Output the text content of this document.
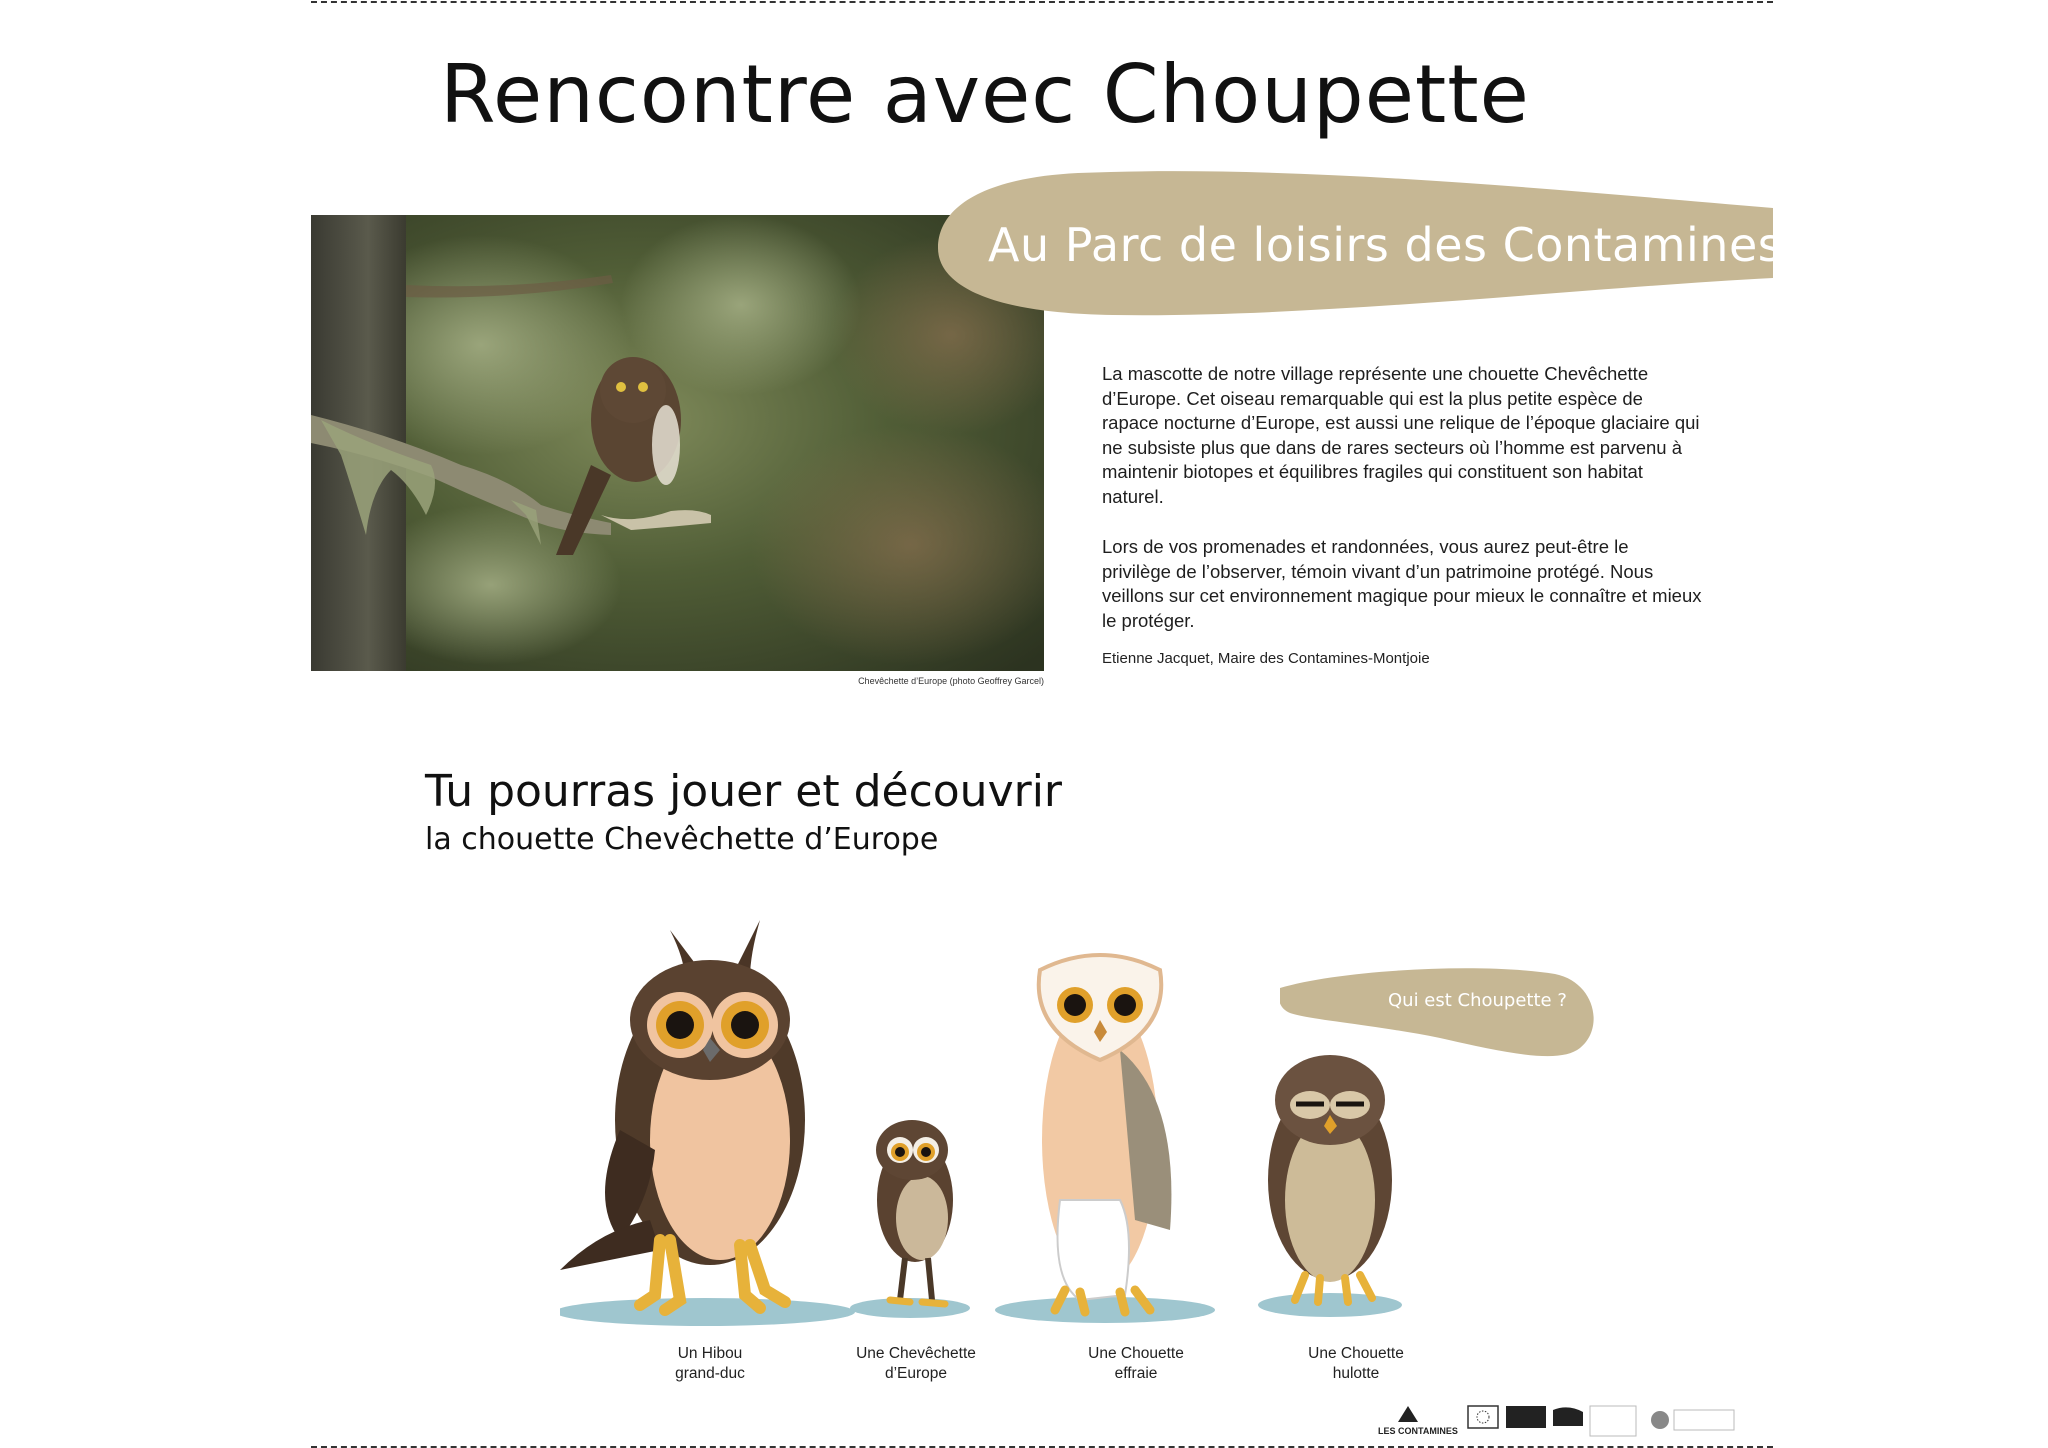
Rencontre avec Choupette
Chevêchette d’Europe (photo Geoffrey Garcel)
Au Parc de loisirs des Contamines

La mascotte de notre village représente une chouette Chevêchette d’Europe. Cet oiseau remarquable qui est la plus petite espèce de rapace nocturne d’Europe, est aussi une relique de l’époque glaciaire qui ne subsiste plus que dans de rares secteurs où l’homme est parvenu à maintenir biotopes et équilibres fragiles qui constituent son habitat naturel.

Lors de vos promenades et randonnées, vous aurez peut-être le privilège de l’observer, témoin vivant d’un patrimoine protégé. Nous veillons sur cet environnement magique pour mieux le connaître et mieux le protéger.

Etienne Jacquet, Maire des Contamines-Montjoie
Tu pourras jouer et découvrir
la chouette Chevêchette d’Europe
Qui est Choupette ?
Un Hibou
grand-duc
Une Chevêchette
d’Europe
Une Chouette
effraie
Une Chouette
hulotte
LES CONTAMINES
